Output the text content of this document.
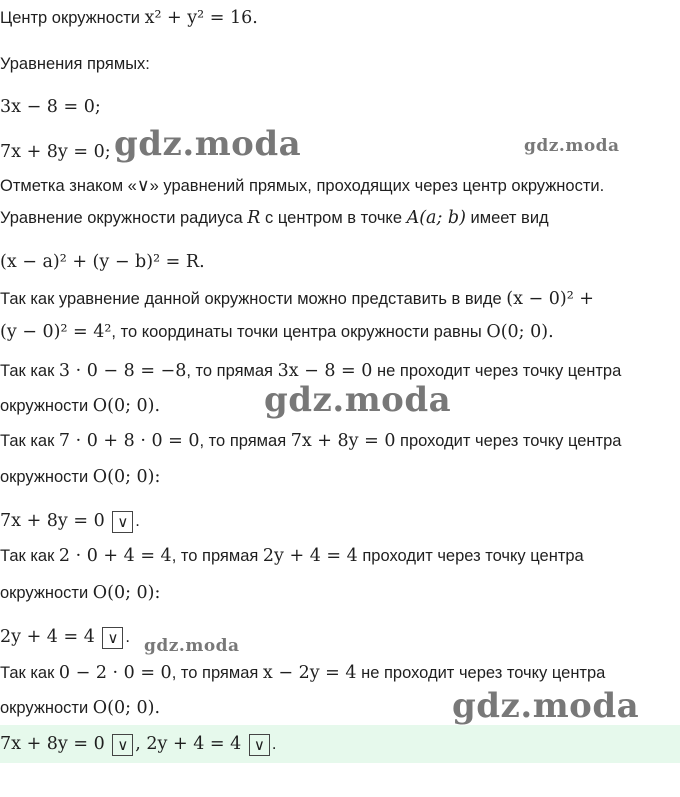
Центр окружности x² + y² = 16.
Уравнения прямых:
3x − 8 = 0;
7x + 8y = 0;
Отметка знаком «∨» уравнений прямых, проходящих через центр окружности.
Уравнение окружности радиуса R с центром в точке A(a; b) имеет вид
(x − a)² + (y − b)² = R.
Так как уравнение данной окружности можно представить в виде (x − 0)² +
(y − 0)² = 4², то координаты точки центра окружности равны O(0; 0).
Так как 3 · 0 − 8 = −8, то прямая 3x − 8 = 0 не проходит через точку центра
окружности O(0; 0).
Так как 7 · 0 + 8 · 0 = 0, то прямая 7x + 8y = 0 проходит через точку центра
окружности O(0; 0):
7x + 8y = 0 ∨ .
Так как 2 · 0 + 4 = 4, то прямая 2y + 4 = 4 проходит через точку центра
окружности O(0; 0):
2y + 4 = 4 ∨ .
Так как 0 − 2 · 0 = 0, то прямая x − 2y = 4 не проходит через точку центра
окружности O(0; 0).
7x + 8y = 0 ∨ , 2y + 4 = 4 ∨ .
gdz.moda	gdz.moda
gdz.moda
gdz.moda
gdz.moda
